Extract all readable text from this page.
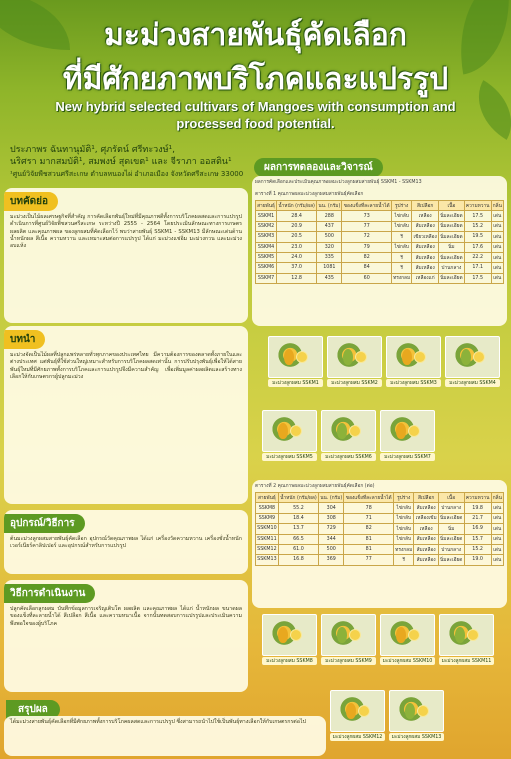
มะม่วงสายพันธุ์คัดเลือก
ที่มีศักยภาพบริโภคและแปรรูป
New hybrid selected cultivars of Mangoes with consumption and processed food potential.
ประภาพร ฉันทานุมัติ¹, ศุภรัตน์ ศรีทะวงษ์¹,
นริศรา มากสมบัติ¹, สมพงษ์ สุดเขต¹ และ จีราภา ออสติน¹
¹ศูนย์วิจัยพืชสวนศรีสะเกษ ตำบลหนองไผ่ อำเภอเมือง จังหวัดศรีสะเกษ 33000
บทคัดย่อ
มะม่วงเป็นไม้ผลเศรษฐกิจที่สำคัญ การคัดเลือกพันธุ์ใหม่ที่มีคุณภาพดีทั้งการบริโภคผลสดและการแปรรูป ดำเนินการที่ศูนย์วิจัยพืชสวนศรีสะเกษ ระหว่างปี 2555 - 2564 โดยประเมินลักษณะทางการเกษตร ผลผลิต และคุณภาพผล ของลูกผสมที่คัดเลือกไว้ พบว่าสายพันธุ์ SSKM1 - SSKM13 มีลักษณะเด่นด้านน้ำหนักผล สีเนื้อ ความหวาน และเหมาะสมต่อการแปรรูป ได้แก่ มะม่วงแช่อิ่ม มะม่วงกวน และมะม่วงอบแห้ง
บทนำ
มะม่วงจัดเป็นไม้ผลที่ปลูกแพร่หลายทั่วทุกภาคของประเทศไทย มีความต้องการของตลาดทั้งภายในและต่างประเทศ แต่พันธุ์ที่ใช้ส่วนใหญ่เหมาะสำหรับการบริโภคผลสดเท่านั้น การปรับปรุงพันธุ์เพื่อให้ได้สายพันธุ์ใหม่ที่มีศักยภาพทั้งการบริโภคและการแปรรูปจึงมีความสำคัญ เพื่อเพิ่มมูลค่าผลผลิตและสร้างทางเลือกให้กับเกษตรกรผู้ปลูกมะม่วง
อุปกรณ์/วิธีการ
ต้นมะม่วงลูกผสมสายพันธุ์คัดเลือก อุปกรณ์วัดคุณภาพผล ได้แก่ เครื่องวัดความหวาน เครื่องชั่งน้ำหนัก เวอร์เนียร์คาลิปเปอร์ และอุปกรณ์สำหรับการแปรรูป
วิธีการดำเนินงาน
ปลูกคัดเลือกลูกผสม บันทึกข้อมูลการเจริญเติบโต ผลผลิต และคุณภาพผล ได้แก่ น้ำหนักผล ขนาดผล ของแข็งที่ละลายน้ำได้ สีเปลือก สีเนื้อ และความหนาเนื้อ จากนั้นทดสอบการแปรรูปและประเมินความพึงพอใจของผู้บริโภค
ผลการทดลองและวิจารณ์
ผลการคัดเลือกและประเมินคุณภาพผลมะม่วงลูกผสมสายพันธุ์ SSKM1 - SSKM13
ตารางที่ 1 คุณภาพผลมะม่วงลูกผสมสายพันธุ์คัดเลือก
สายพันธุ์	น้ำหนัก (กรัม/ผล)	นน. (กรัม)	ของแข็งที่ละลายน้ำได้	รูปร่าง	สีเปลือก	เนื้อ	ความหวาน	กลิ่น
SSKM1	28.4	288	73	ไข่กลับ	เหลือง	นิ่มละเอียด	17.5	เด่น
SSKM2	20.9	437	77	ไข่กลับ	ส้มเหลือง	นิ่มละเอียด	15.2	เด่น
SSKM3	20.5	500	72	รี	เขียวเหลือง	นิ่มละเอียด	19.5	เด่น
SSKM4	23.0	320	79	ไข่กลับ	ส้มเหลือง	นิ่ม	17.6	เด่น
SSKM5	24.0	335	82	รี	ส้มเหลือง	นิ่มละเอียด	22.2	เด่น
SSKM6	37.0	1081	84	รี	ส้มเหลือง	ปานกลาง	17.1	เด่น
SSKM7	12.8	435	60	ทรงกลม	เหลืองแก่	นิ่มละเอียด	17.5	เด่น
มะม่วงลูกผสม SSKM1	มะม่วงลูกผสม SSKM2	มะม่วงลูกผสม SSKM3	มะม่วงลูกผสม SSKM4
มะม่วงลูกผสม SSKM5	มะม่วงลูกผสม SSKM6	มะม่วงลูกผสม SSKM7
ตารางที่ 2 คุณภาพผลมะม่วงลูกผสมสายพันธุ์คัดเลือก (ต่อ)
สายพันธุ์	น้ำหนัก (กรัม/ผล)	นน. (กรัม)	ของแข็งที่ละลายน้ำได้	รูปร่าง	สีเปลือก	เนื้อ	ความหวาน	กลิ่น
SSKM8	55.2	304	78	ไข่กลับ	ส้มเหลือง	ปานกลาง	19.8	เด่น
SSKM9	18.4	308	71	ไข่กลับ	เหลืองเข้ม	นิ่มละเอียด	21.7	เด่น
SSKM10	13.7	729	82	ไข่กลับ	เหลือง	นิ่ม	16.9	เด่น
SSKM11	66.5	344	81	ไข่กลับ	ส้มเหลือง	นิ่มละเอียด	15.7	เด่น
SSKM12	61.0	500	81	ทรงกลม	ส้มเหลือง	ปานกลาง	15.2	เด่น
SSKM13	16.8	369	77	รี	ส้มเหลือง	นิ่มละเอียด	19.0	เด่น
มะม่วงลูกผสม SSKM8	มะม่วงลูกผสม SSKM9	มะม่วงลูกผสม SSKM10	มะม่วงลูกผสม SSKM11
มะม่วงลูกผสม SSKM12	มะม่วงลูกผสม SSKM13
สรุปผล
ได้มะม่วงสายพันธุ์คัดเลือกที่มีศักยภาพทั้งการบริโภคผลสดและการแปรรูป ซึ่งสามารถนำไปใช้เป็นพันธุ์ทางเลือกให้กับเกษตรกรต่อไป
